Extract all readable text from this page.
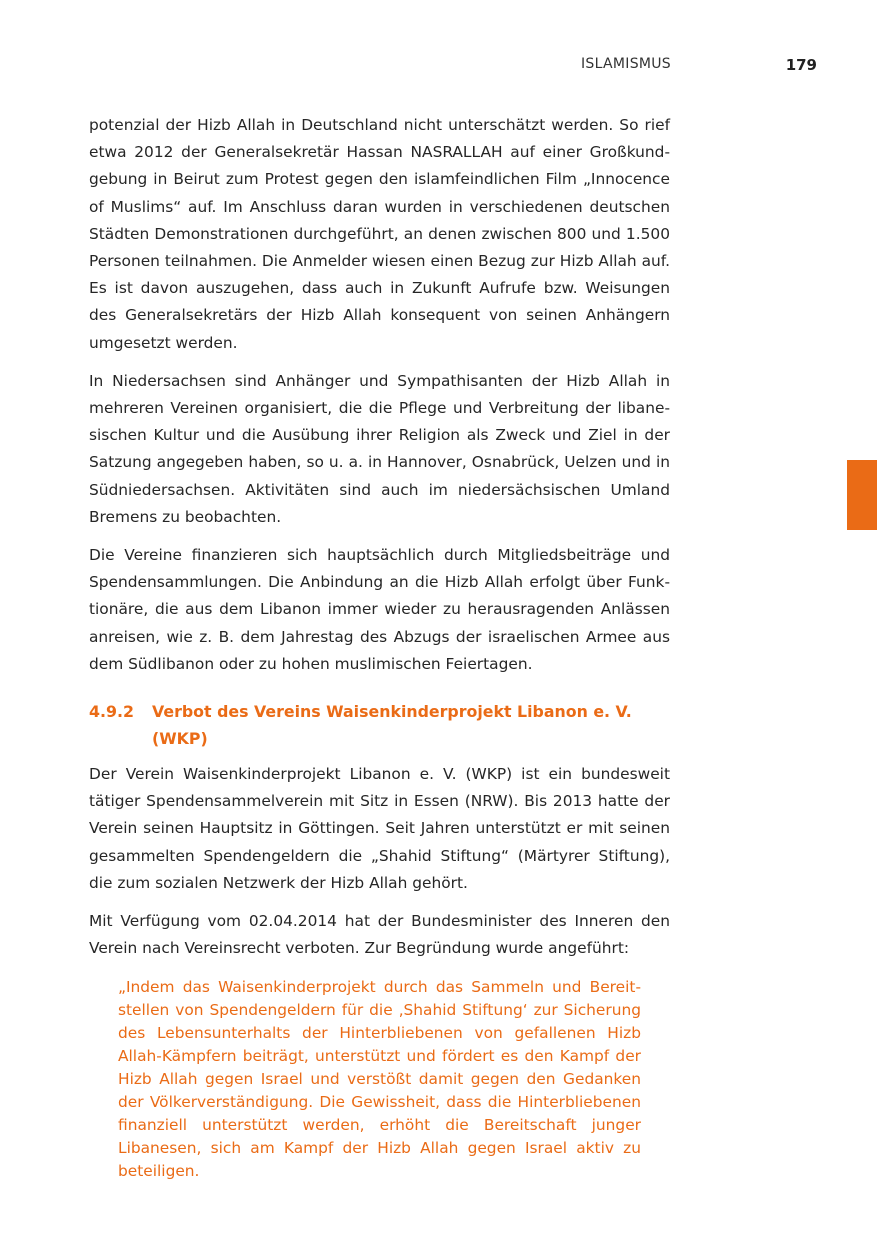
ISLAMISMUS	179

potenzial der Hizb Allah in Deutschland nicht unterschätzt werden. So rief etwa 2012 der Generalsekretär Hassan NASRALLAH auf einer Großkundgebung in Beirut zum Protest gegen den islamfeindlichen Film „Innocence of Muslims“ auf. Im Anschluss daran wurden in verschiedenen deutschen Städten Demonstrationen durchgeführt, an denen zwischen 800 und 1.500 Personen teilnahmen. Die Anmelder wiesen einen Bezug zur Hizb Allah auf. Es ist davon auszugehen, dass auch in Zukunft Aufrufe bzw. Weisungen des Generalsekretärs der Hizb Allah konsequent von seinen Anhängern umgesetzt werden.

In Niedersachsen sind Anhänger und Sympathisanten der Hizb Allah in mehreren Vereinen organisiert, die die Pflege und Verbreitung der libanesischen Kultur und die Ausübung ihrer Religion als Zweck und Ziel in der Satzung angegeben haben, so u. a. in Hannover, Osnabrück, Uelzen und in Südniedersachsen. Aktivitäten sind auch im niedersächsischen Umland Bremens zu beobachten.

Die Vereine finanzieren sich hauptsächlich durch Mitgliedsbeiträge und Spendensammlungen. Die Anbindung an die Hizb Allah erfolgt über Funktionäre, die aus dem Libanon immer wieder zu herausragenden Anlässen anreisen, wie z. B. dem Jahrestag des Abzugs der israelischen Armee aus dem Südlibanon oder zu hohen muslimischen Feiertagen.

4.9.2	Verbot des Vereins Waisenkinderprojekt Libanon e. V. (WKP)

Der Verein Waisenkinderprojekt Libanon e. V. (WKP) ist ein bundesweit tätiger Spendensammelverein mit Sitz in Essen (NRW). Bis 2013 hatte der Verein seinen Hauptsitz in Göttingen. Seit Jahren unterstützt er mit seinen gesammelten Spendengeldern die „Shahid Stiftung“ (Märtyrer Stiftung), die zum sozialen Netzwerk der Hizb Allah gehört.

Mit Verfügung vom 02.04.2014 hat der Bundesminister des Inneren den Verein nach Vereinsrecht verboten. Zur Begründung wurde angeführt:

„Indem das Waisenkinderprojekt durch das Sammeln und Bereitstellen von Spendengeldern für die ‚Shahid Stiftung‘ zur Sicherung des Lebensunterhalts der Hinterbliebenen von gefallenen Hizb Allah-Kämpfern beiträgt, unterstützt und fördert es den Kampf der Hizb Allah gegen Israel und verstößt damit gegen den Gedanken der Völkerverständigung. Die Gewissheit, dass die Hinterbliebenen finanziell unterstützt werden, erhöht die Bereitschaft junger Libanesen, sich am Kampf der Hizb Allah gegen Israel aktiv zu beteiligen.
